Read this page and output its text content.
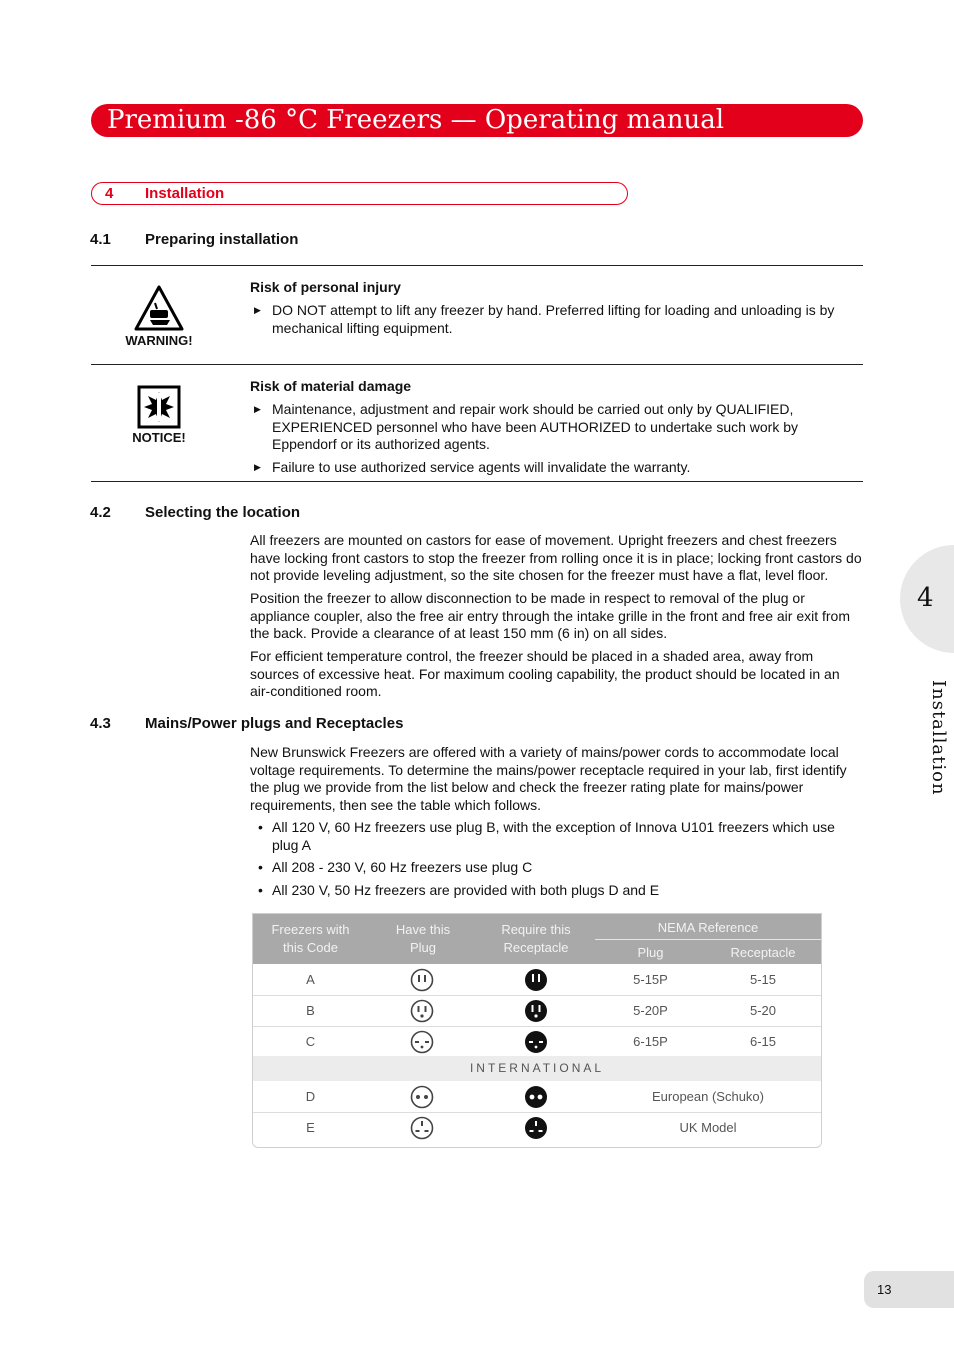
Premium -86 °C Freezers — Operating manual
4 Installation
4.1 Preparing installation
WARNING!
Risk of personal injury
▶ DO NOT attempt to lift any freezer by hand. Preferred lifting for loading and unloading is by mechanical lifting equipment.
NOTICE!
Risk of material damage
▶ Maintenance, adjustment and repair work should be carried out only by QUALIFIED, EXPERIENCED personnel who have been AUTHORIZED to undertake such work by Eppendorf or its authorized agents.
▶ Failure to use authorized service agents will invalidate the warranty.
4.2 Selecting the location
All freezers are mounted on castors for ease of movement. Upright freezers and chest freezers have locking front castors to stop the freezer from rolling once it is in place; locking front castors do not provide leveling adjustment, so the site chosen for the freezer must have a flat, level floor.
Position the freezer to allow disconnection to be made in respect to removal of the plug or appliance coupler, also the free air entry through the intake grille in the front and free air exit from the back. Provide a clearance of at least 150 mm (6 in) on all sides.
For efficient temperature control, the freezer should be placed in a shaded area, away from sources of excessive heat. For maximum cooling capability, the product should be located in an air-conditioned room.
4.3 Mains/Power plugs and Receptacles
New Brunswick Freezers are offered with a variety of mains/power cords to accommodate local voltage requirements. To determine the mains/power receptacle required in your lab, first identify the plug we provide from the list below and check the freezer rating plate for mains/power requirements, then see the table which follows.
• All 120 V, 60 Hz freezers use plug B, with the exception of Innova U101 freezers which use plug A
• All 208 - 230 V, 60 Hz freezers use plug C
• All 230 V, 50 Hz freezers are provided with both plugs D and E
Freezers with this Code
Have this Plug
Require this Receptacle
NEMA Reference
Plug	Receptacle
A	5-15P	5-15
B	5-20P	5-20
C	6-15P	6-15
INTERNATIONAL
D	European (Schuko)
E	UK Model
4
Installation
13
